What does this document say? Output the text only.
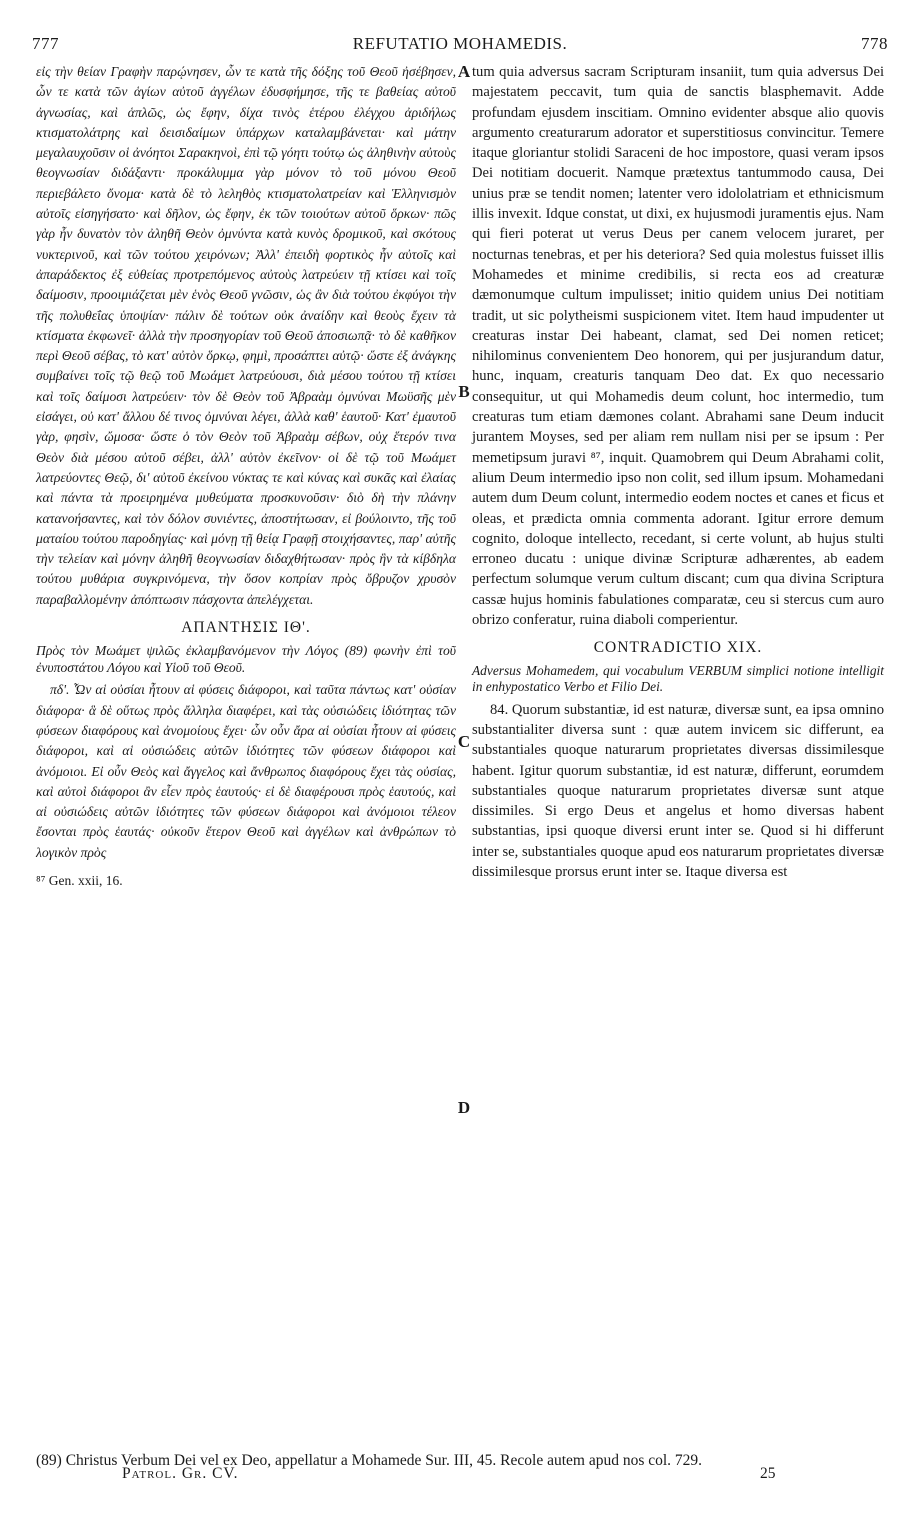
777	REFUTATIO MOHAMEDIS.	778

εἰς τὴν θείαν Γραφὴν παρῴνησεν, ὧν τε κατὰ τῆς δόξης τοῦ Θεοῦ ἠσέβησεν, ὧν τε κατὰ τῶν ἁγίων αὐτοῦ ἀγγέλων ἐδυσφήμησε, τῆς τε βαθείας αὐτοῦ ἀγνωσίας, καὶ ἁπλῶς, ὡς ἔφην, δίχα τινὸς ἑτέρου ἐλέγχου ἀριδήλως κτισματολάτρης καὶ δεισιδαίμων ὑπάρχων καταλαμβάνεται· καὶ μάτην μεγαλαυχοῦσιν οἱ ἀνόητοι Σαρακηνοὶ, ἐπὶ τῷ γόητι τούτῳ ὡς ἀληθινὴν αὐτοὺς θεογνωσίαν διδάξαντι· προκάλυμμα γὰρ μόνον τὸ τοῦ μόνου Θεοῦ περιεβάλετο ὄνομα· κατὰ δὲ τὸ λεληθὸς κτισματολατρείαν καὶ Ἑλληνισμὸν αὐτοῖς εἰσηγήσατο· καὶ δῆλον, ὡς ἔφην, ἐκ τῶν τοιούτων αὐτοῦ ὅρκων· πῶς γὰρ ἦν δυνατὸν τὸν ἀληθῆ Θεὸν ὀμνύντα κατὰ κυνὸς δρομικοῦ, καὶ σκότους νυκτερινοῦ, καὶ τῶν τούτου χειρόνων; Ἀλλ' ἐπειδὴ φορτικὸς ἦν αὐτοῖς καὶ ἀπαράδεκτος ἐξ εὐθείας προτρεπόμενος αὐτοὺς λατρεύειν τῇ κτίσει καὶ τοῖς δαίμοσιν, προοιμιάζεται μὲν ἑνὸς Θεοῦ γνῶσιν, ὡς ἂν διὰ τούτου ἐκφύγοι τὴν τῆς πολυθεΐας ὑποψίαν· πάλιν δὲ τούτων οὐκ ἀναίδην καὶ θεοὺς ἔχειν τὰ κτίσματα ἐκφωνεῖ· ἀλλὰ τὴν προσηγορίαν τοῦ Θεοῦ ἀποσιωπᾷ· τὸ δὲ καθῆκον περὶ Θεοῦ σέβας, τὸ κατ' αὐτὸν ὅρκῳ, φημὶ, προσάπτει αὐτῷ· ὥστε ἐξ ἀνάγκης συμβαίνει τοῖς τῷ θεῷ τοῦ Μωάμετ λατρεύουσι, διὰ μέσου τούτου τῇ κτίσει καὶ τοῖς δαίμοσι λατρεύειν· τὸν δὲ Θεὸν τοῦ Ἀβραὰμ ὀμνύναι Μωϋσῆς μὲν εἰσάγει, οὐ κατ' ἄλλου δέ τινος ὀμνύναι λέγει, ἀλλὰ καθ' ἑαυτοῦ· Κατ' ἐμαυτοῦ γὰρ, φησὶν, ὤμοσα· ὥστε ὁ τὸν Θεὸν τοῦ Ἀβραὰμ σέβων, οὐχ ἕτερόν τινα Θεὸν διὰ μέσου αὐτοῦ σέβει, ἀλλ' αὐτὸν ἐκεῖνον· οἱ δὲ τῷ τοῦ Μωάμετ λατρεύοντες Θεῷ, δι' αὐτοῦ ἐκείνου νύκτας τε καὶ κύνας καὶ συκᾶς καὶ ἐλαίας καὶ πάντα τὰ προειρημένα μυθεύματα προσκυνοῦσιν· διὸ δὴ τὴν πλάνην κατανοήσαντες, καὶ τὸν δόλον συνιέντες, ἀποστήτωσαν, εἰ βούλοιντο, τῆς τοῦ ματαίου τούτου παροδηγίας· καὶ μόνῃ τῇ θείᾳ Γραφῇ στοιχήσαντες, παρ' αὐτῆς τὴν τελείαν καὶ μόνην ἀληθῆ θεογνωσίαν διδαχθήτωσαν· πρὸς ἣν τὰ κίβδηλα τούτου μυθάρια συγκρινόμενα, τὴν ὅσον κοπρίαν πρὸς ὄβρυζον χρυσὸν παραβαλλομένην ἀπόπτωσιν πάσχοντα ἀπελέγχεται.

ΑΠΑΝΤΗΣΙΣ ΙΘ'.

Πρὸς τὸν Μωάμετ ψιλῶς ἐκλαμβανόμενον τὴν Λόγος (89) φωνὴν ἐπὶ τοῦ ἐνυποστάτου Λόγου καὶ Υἱοῦ τοῦ Θεοῦ.

πδ'. Ὧν αἱ οὐσίαι ἦτουν αἱ φύσεις διάφοροι, καὶ ταῦτα πάντως κατ' οὐσίαν διάφορα· ἃ δὲ οὕτως πρὸς ἄλληλα διαφέρει, καὶ τὰς οὐσιώδεις ἰδιότητας τῶν φύσεων διαφόρους καὶ ἀνομοίους ἔχει· ὧν οὖν ἄρα αἱ οὐσίαι ἦτουν αἱ φύσεις διάφοροι, καὶ αἱ οὐσιώδεις αὐτῶν ἰδιότητες τῶν φύσεων διάφοροι καὶ ἀνόμοιοι. Εἰ οὖν Θεὸς καὶ ἄγγελος καὶ ἄνθρωπος διαφόρους ἔχει τὰς οὐσίας, καὶ αὐτοὶ διάφοροι ἂν εἶεν πρὸς ἑαυτούς· εἰ δὲ διαφέρουσι πρὸς ἑαυτούς, καὶ αἱ οὐσιώδεις αὐτῶν ἰδιότητες τῶν φύσεων διάφοροι καὶ ἀνόμοιοι τέλεον ἔσονται πρὸς ἑαυτάς· οὐκοῦν ἕτερον Θεοῦ καὶ ἀγγέλων καὶ ἀνθρώπων τὸ λογικὸν πρὸς

⁸⁷ Gen. xxii, 16.

tum quia adversus sacram Scripturam insaniit, tum quia adversus Dei majestatem peccavit, tum quia de sanctis blasphemavit. Adde profundam ejusdem inscitiam. Omnino evidenter absque alio quovis argumento creaturarum adorator et superstitiosus convincitur. Temere itaque gloriantur stolidi Saraceni de hoc impostore, quasi veram ipsos Dei notitiam docuerit. Namque prætextus tantummodo causa, Dei unius præ se tendit nomen; latenter vero idololatriam et ethnicismum illis invexit. Idque constat, ut dixi, ex hujusmodi juramentis ejus. Nam qui fieri poterat ut verus Deus per canem velocem juraret, per nocturnas tenebras, et per his deteriora? Sed quia molestus fuisset illis Mohamedes et minime credibilis, si recta eos ad creaturæ dæmonumque cultum impulisset; initio quidem unius Dei notitiam tradit, ut sic polytheismi suspicionem vitet. Item haud impudenter ut creaturas instar Dei habeant, clamat, sed Dei nomen reticet; nihilominus convenientem Deo honorem, qui per jusjurandum datur, hunc, inquam, creaturis tanquam Deo dat. Ex quo necessario consequitur, ut qui Mohamedis deum colunt, hoc intermedio, tum creaturas tum etiam dæmones colant. Abrahami sane Deum inducit jurantem Moyses, sed per aliam rem nullam nisi per se ipsum : Per memetipsum juravi ⁸⁷, inquit. Quamobrem qui Deum Abrahami colit, alium Deum intermedio ipso non colit, sed illum ipsum. Mohamedani autem dum Deum colunt, intermedio eodem noctes et canes et ficus et oleas, et prædicta omnia commenta adorant. Igitur errore demum cognito, doloque intellecto, recedant, si certe volunt, ab hujus stulti erroneo ducatu : unique divinæ Scripturæ adhærentes, ab eadem perfectum solumque verum cultum discant; cum qua divina Scriptura cassæ hujus hominis fabulationes comparatæ, ceu si stercus cum auro obrizo conferatur, ruina diaboli comperientur.

CONTRADICTIO XIX.

Adversus Mohamedem, qui vocabulum VERBUM simplici notione intelligit in enhypostatico Verbo et Filio Dei.

84. Quorum substantiæ, id est naturæ, diversæ sunt, ea ipsa omnino substantialiter diversa sunt : quæ autem invicem sic differunt, ea substantiales quoque naturarum proprietates diversas dissimilesque habent. Igitur quorum substantiæ, id est naturæ, differunt, eorumdem substantiales quoque naturarum proprietates diversæ sunt atque dissimiles. Si ergo Deus et angelus et homo diversas habent substantias, ipsi quoque diversi erunt inter se. Quod si hi differunt inter se, substantiales quoque apud eos naturarum proprietates diversæ dissimilesque prorsus erunt inter se. Itaque diversa est

A
B
C
D

(89) Christus Verbum Dei vel ex Deo, appellatur a Mohamede Sur. III, 45. Recole autem apud nos col. 729.

Patrol. Gr. CV.	25
